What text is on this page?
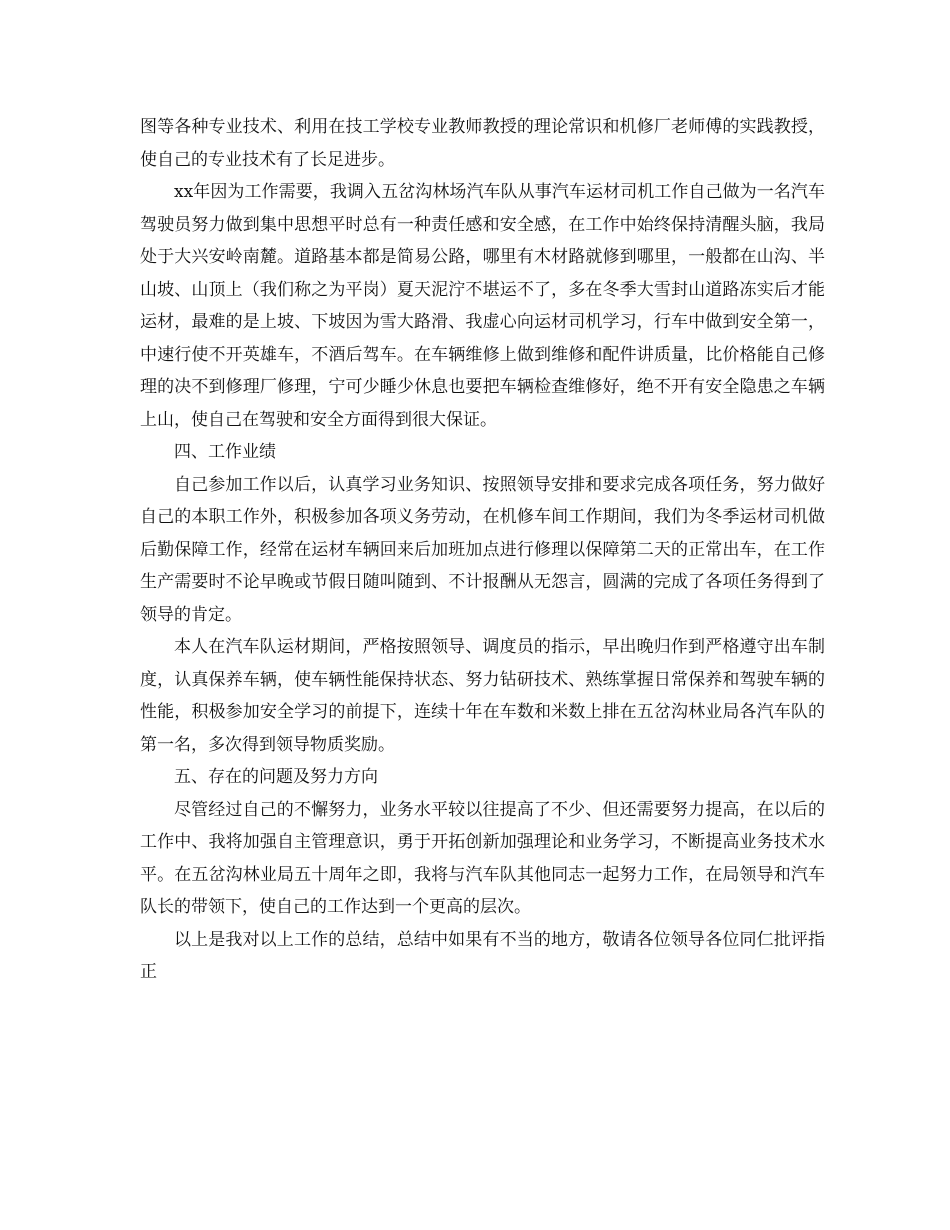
图等各种专业技术、利用在技工学校专业教师教授的理论常识和机修厂老师傅的实践教授，使自己的专业技术有了长足进步。

xx年因为工作需要，我调入五岔沟林场汽车队从事汽车运材司机工作自己做为一名汽车驾驶员努力做到集中思想平时总有一种责任感和安全感，在工作中始终保持清醒头脑，我局处于大兴安岭南麓。道路基本都是简易公路，哪里有木材路就修到哪里，一般都在山沟、半山坡、山顶上（我们称之为平岗）夏天泥泞不堪运不了，多在冬季大雪封山道路冻实后才能运材，最难的是上坡、下坡因为雪大路滑、我虚心向运材司机学习，行车中做到安全第一，中速行使不开英雄车，不酒后驾车。在车辆维修上做到维修和配件讲质量，比价格能自己修理的决不到修理厂修理，宁可少睡少休息也要把车辆检查维修好，绝不开有安全隐患之车辆上山，使自己在驾驶和安全方面得到很大保证。

四、工作业绩

自己参加工作以后，认真学习业务知识、按照领导安排和要求完成各项任务，努力做好自己的本职工作外，积极参加各项义务劳动，在机修车间工作期间，我们为冬季运材司机做后勤保障工作，经常在运材车辆回来后加班加点进行修理以保障第二天的正常出车，在工作生产需要时不论早晚或节假日随叫随到、不计报酬从无怨言，圆满的完成了各项任务得到了领导的肯定。

本人在汽车队运材期间，严格按照领导、调度员的指示，早出晚归作到严格遵守出车制度，认真保养车辆，使车辆性能保持状态、努力钻研技术、熟练掌握日常保养和驾驶车辆的性能，积极参加安全学习的前提下，连续十年在车数和米数上排在五岔沟林业局各汽车队的第一名，多次得到领导物质奖励。

五、存在的问题及努力方向

尽管经过自己的不懈努力，业务水平较以往提高了不少、但还需要努力提高，在以后的工作中、我将加强自主管理意识，勇于开拓创新加强理论和业务学习，不断提高业务技术水平。在五岔沟林业局五十周年之即，我将与汽车队其他同志一起努力工作，在局领导和汽车队长的带领下，使自己的工作达到一个更高的层次。

以上是我对以上工作的总结，总结中如果有不当的地方，敬请各位领导各位同仁批评指正
